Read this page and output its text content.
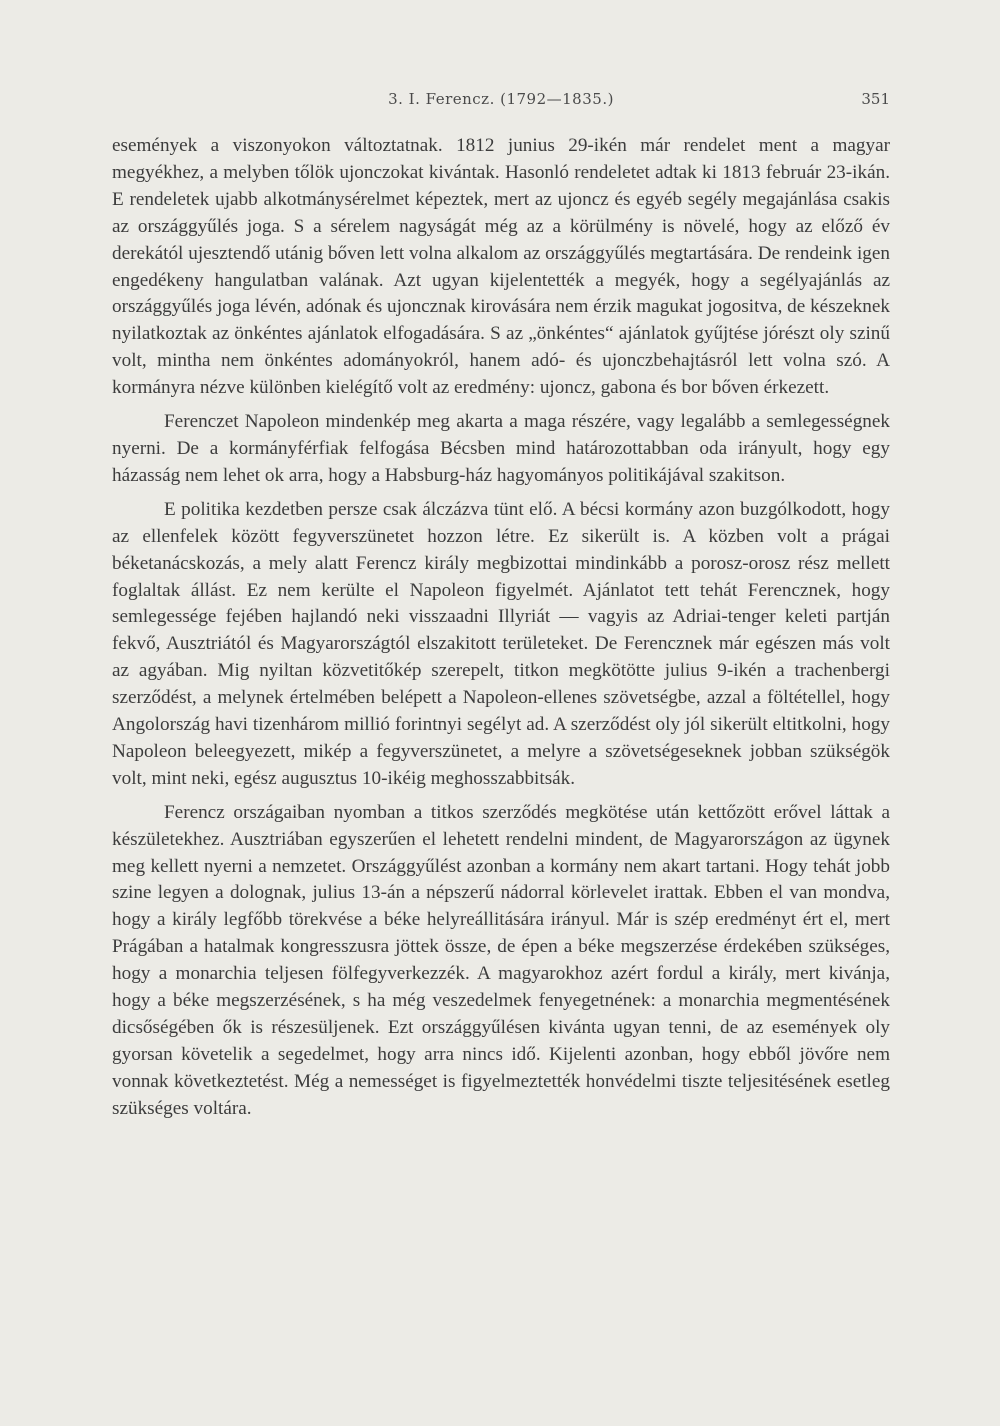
3. I. Ferencz. (1792—1835.)	351

események a viszonyokon változtatnak. 1812 junius 29-ikén már rendelet ment a magyar megyékhez, a melyben tőlök ujonczokat kivántak. Hasonló rendeletet adtak ki 1813 február 23-ikán. E rendeletek ujabb alkotmánysérelmet képeztek, mert az ujoncz és egyéb segély megajánlása csakis az országgyűlés joga. S a sérelem nagyságát még az a körülmény is növelé, hogy az előző év derekától ujesztendő utánig bőven lett volna alkalom az országgyűlés megtartására. De rendeink igen engedékeny hangulatban valának. Azt ugyan kijelentették a megyék, hogy a segélyajánlás az országgyűlés joga lévén, adónak és ujoncznak kirovására nem érzik magukat jogositva, de készeknek nyilatkoztak az önkéntes ajánlatok elfogadására. S az „önkéntes“ ajánlatok gyűjtése jórészt oly szinű volt, mintha nem önkéntes adományokról, hanem adó- és ujonczbehajtásról lett volna szó. A kormányra nézve különben kielégítő volt az eredmény: ujoncz, gabona és bor bőven érkezett.

Ferenczet Napoleon mindenkép meg akarta a maga részére, vagy legalább a semlegességnek nyerni. De a kormányférfiak felfogása Bécsben mind határozottabban oda irányult, hogy egy házasság nem lehet ok arra, hogy a Habsburg-ház hagyományos politikájával szakitson.

E politika kezdetben persze csak álczázva tünt elő. A bécsi kormány azon buzgólkodott, hogy az ellenfelek között fegyverszünetet hozzon létre. Ez sikerült is. A közben volt a prágai béketanácskozás, a mely alatt Ferencz király megbizottai mindinkább a porosz-orosz rész mellett foglaltak állást. Ez nem kerülte el Napoleon figyelmét. Ajánlatot tett tehát Ferencznek, hogy semlegessége fejében hajlandó neki visszaadni Illyriát — vagyis az Adriai-tenger keleti partján fekvő, Ausztriától és Magyarországtól elszakitott területeket. De Ferencznek már egészen más volt az agyában. Mig nyiltan közvetitőkép szerepelt, titkon megkötötte julius 9-ikén a trachenbergi szerződést, a melynek értelmében belépett a Napoleon-ellenes szövetségbe, azzal a föltétellel, hogy Angolország havi tizenhárom millió forintnyi segélyt ad. A szerződést oly jól sikerült eltitkolni, hogy Napoleon beleegyezett, mikép a fegyverszünetet, a melyre a szövetségeseknek jobban szükségök volt, mint neki, egész augusztus 10-ikéig meghosszabbitsák.

Ferencz országaiban nyomban a titkos szerződés megkötése után kettőzött erővel láttak a készületekhez. Ausztriában egyszerűen el lehetett rendelni mindent, de Magyarországon az ügynek meg kellett nyerni a nemzetet. Országgyűlést azonban a kormány nem akart tartani. Hogy tehát jobb szine legyen a dolognak, julius 13-án a népszerű nádorral körlevelet irattak. Ebben el van mondva, hogy a király legfőbb törekvése a béke helyreállitására irányul. Már is szép eredményt ért el, mert Prágában a hatalmak kongresszusra jöttek össze, de épen a béke megszerzése érdekében szükséges, hogy a monarchia teljesen fölfegyverkezzék. A magyarokhoz azért fordul a király, mert kivánja, hogy a béke megszerzésének, s ha még veszedelmek fenyegetnének: a monarchia megmentésének dicsőségében ők is részesüljenek. Ezt országgyűlésen kivánta ugyan tenni, de az események oly gyorsan követelik a segedelmet, hogy arra nincs idő. Kijelenti azonban, hogy ebből jövőre nem vonnak következtetést. Még a nemességet is figyelmeztették honvédelmi tiszte teljesitésének esetleg szükséges voltára.
